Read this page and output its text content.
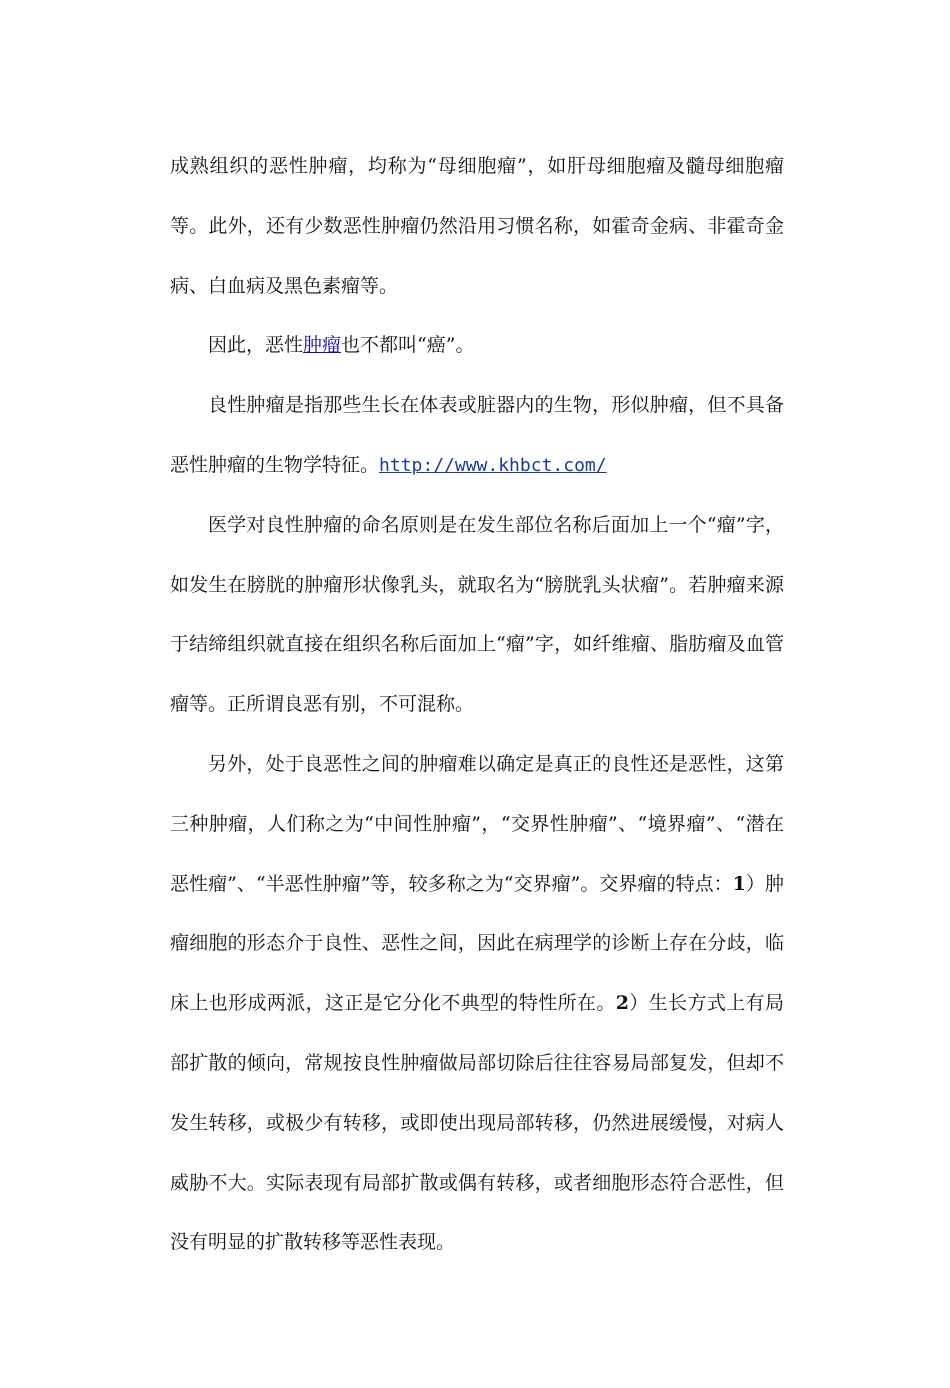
成熟组织的恶性肿瘤，均称为“母细胞瘤”，如肝母细胞瘤及髓母细胞瘤等。此外，还有少数恶性肿瘤仍然沿用习惯名称，如霍奇金病、非霍奇金病、白血病及黑色素瘤等。

因此，恶性肿瘤也不都叫“癌”。

良性肿瘤是指那些生长在体表或脏器内的生物，形似肿瘤，但不具备恶性肿瘤的生物学特征。http://www.khbct.com/

医学对良性肿瘤的命名原则是在发生部位名称后面加上一个“瘤”字，如发生在膀胱的肿瘤形状像乳头，就取名为“膀胱乳头状瘤”。若肿瘤来源于结缔组织就直接在组织名称后面加上“瘤”字，如纤维瘤、脂肪瘤及血管瘤等。正所谓良恶有别，不可混称。

另外，处于良恶性之间的肿瘤难以确定是真正的良性还是恶性，这第三种肿瘤，人们称之为“中间性肿瘤”，“交界性肿瘤”、“境界瘤”、“潜在恶性瘤”、“半恶性肿瘤”等，较多称之为“交界瘤”。交界瘤的特点：1）肿瘤细胞的形态介于良性、恶性之间，因此在病理学的诊断上存在分歧，临床上也形成两派，这正是它分化不典型的特性所在。2）生长方式上有局部扩散的倾向，常规按良性肿瘤做局部切除后往往容易局部复发，但却不发生转移，或极少有转移，或即使出现局部转移，仍然进展缓慢，对病人威胁不大。实际表现有局部扩散或偶有转移，或者细胞形态符合恶性，但没有明显的扩散转移等恶性表现。
